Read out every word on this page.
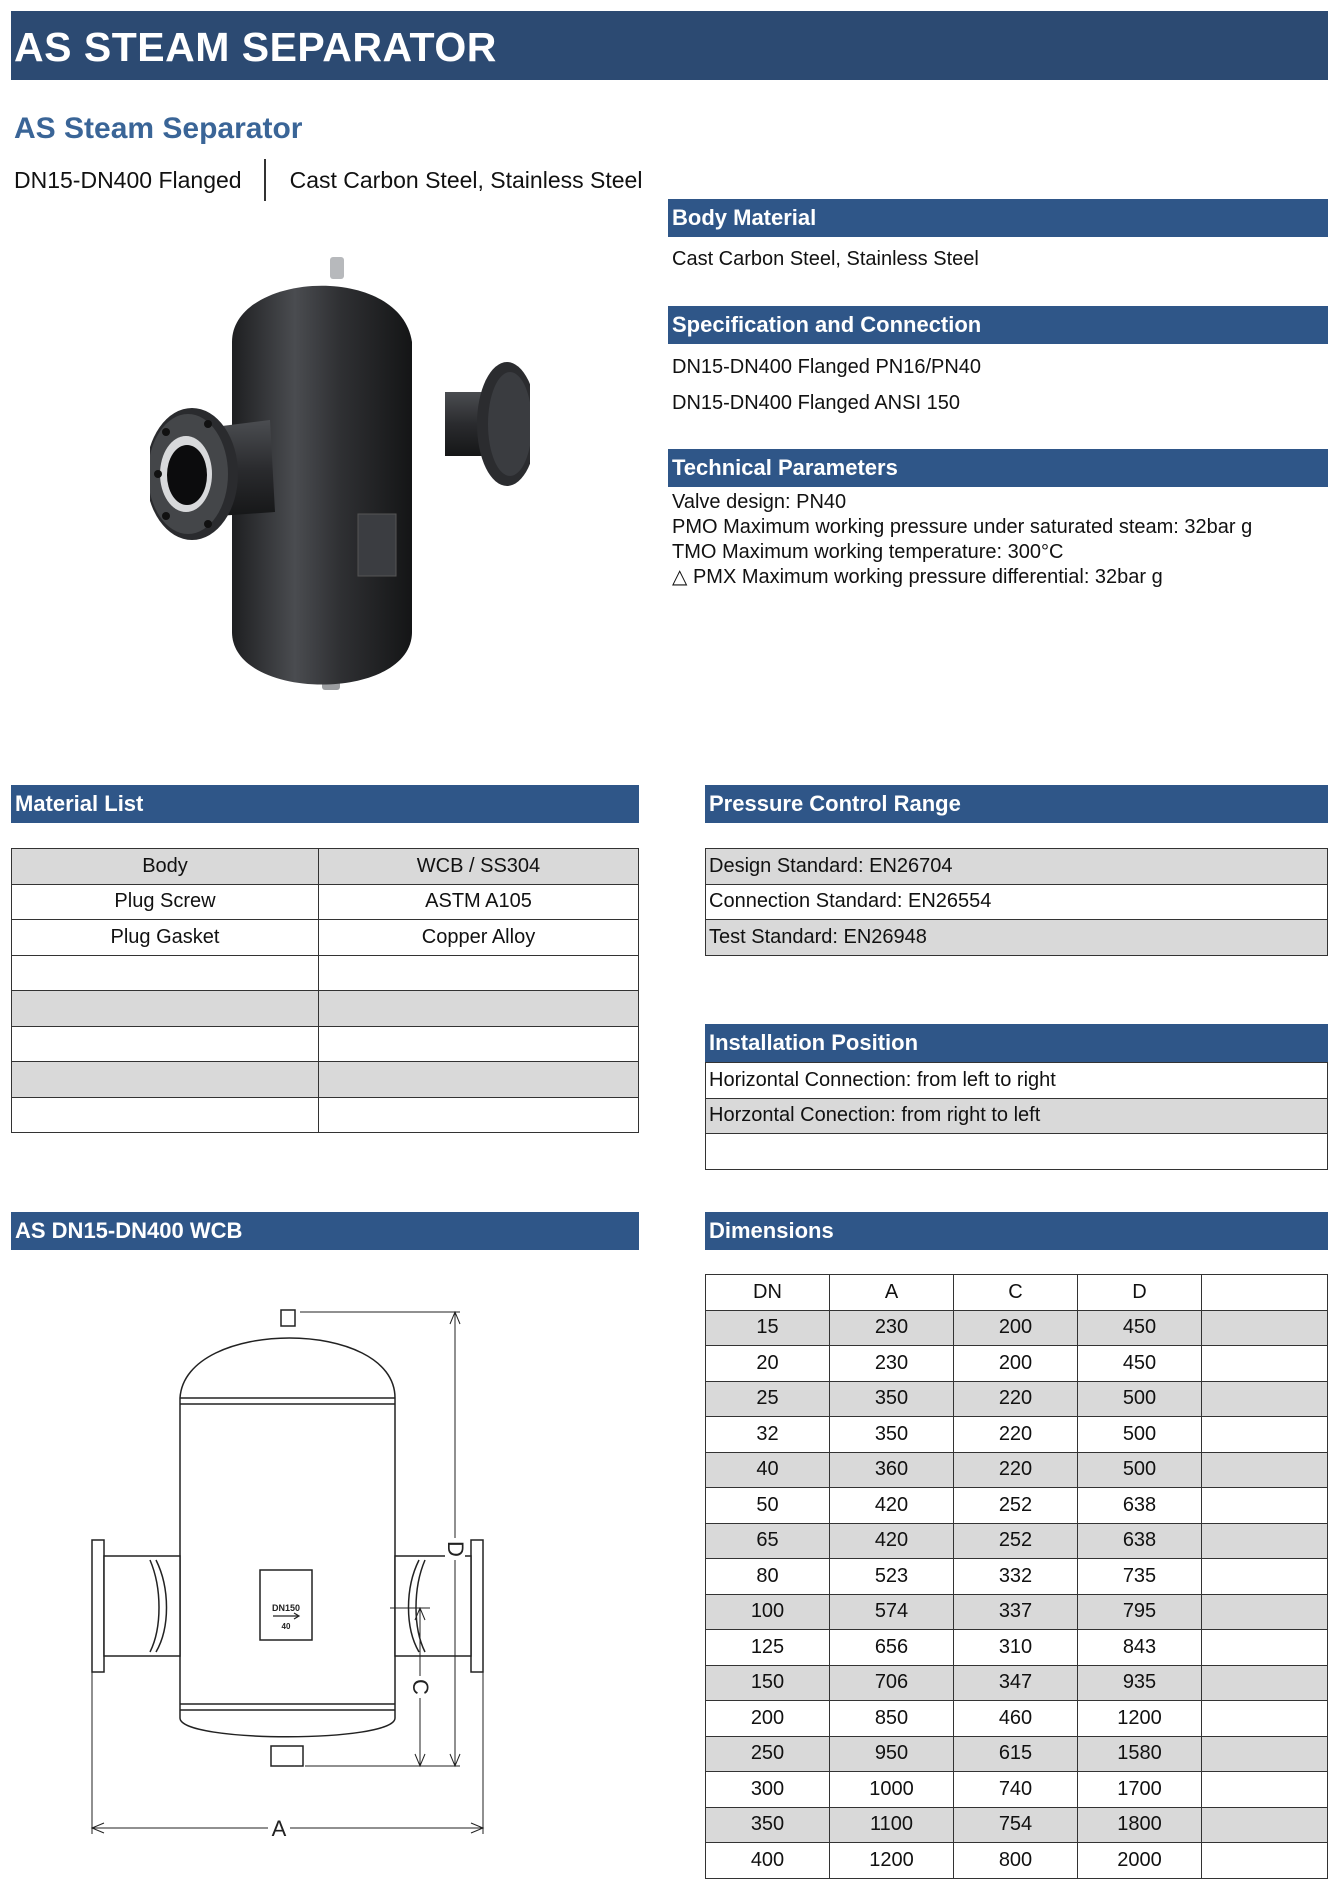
AS STEAM SEPARATOR
AS Steam Separator
DN15-DN400 Flanged Cast Carbon Steel, Stainless Steel
Body Material
Cast Carbon Steel, Stainless Steel
Specification and Connection
DN15-DN400 Flanged PN16/PN40
DN15-DN400 Flanged ANSI 150
Technical Parameters
Valve design: PN40
PMO Maximum working pressure under saturated steam: 32bar g
TMO Maximum working temperature: 300°C
△ PMX Maximum working pressure differential: 32bar g
Material List
Body	WCB / SS304
Plug Screw	ASTM A105
Plug Gasket	Copper Alloy

Pressure Control Range
Design Standard: EN26704
Connection Standard: EN26554
Test Standard: EN26948
Installation Position
Horizontal Connection: from left to right
Horzontal Conection: from right to left

AS DN15-DN400 WCB
DN150
40
D
C
A
Dimensions
DN	A	C	D	
15	230	200	450	
20	230	200	450	
25	350	220	500	
32	350	220	500	
40	360	220	500	
50	420	252	638	
65	420	252	638	
80	523	332	735	
100	574	337	795	
125	656	310	843	
150	706	347	935	
200	850	460	1200	
250	950	615	1580	
300	1000	740	1700	
350	1100	754	1800	
400	1200	800	2000	
